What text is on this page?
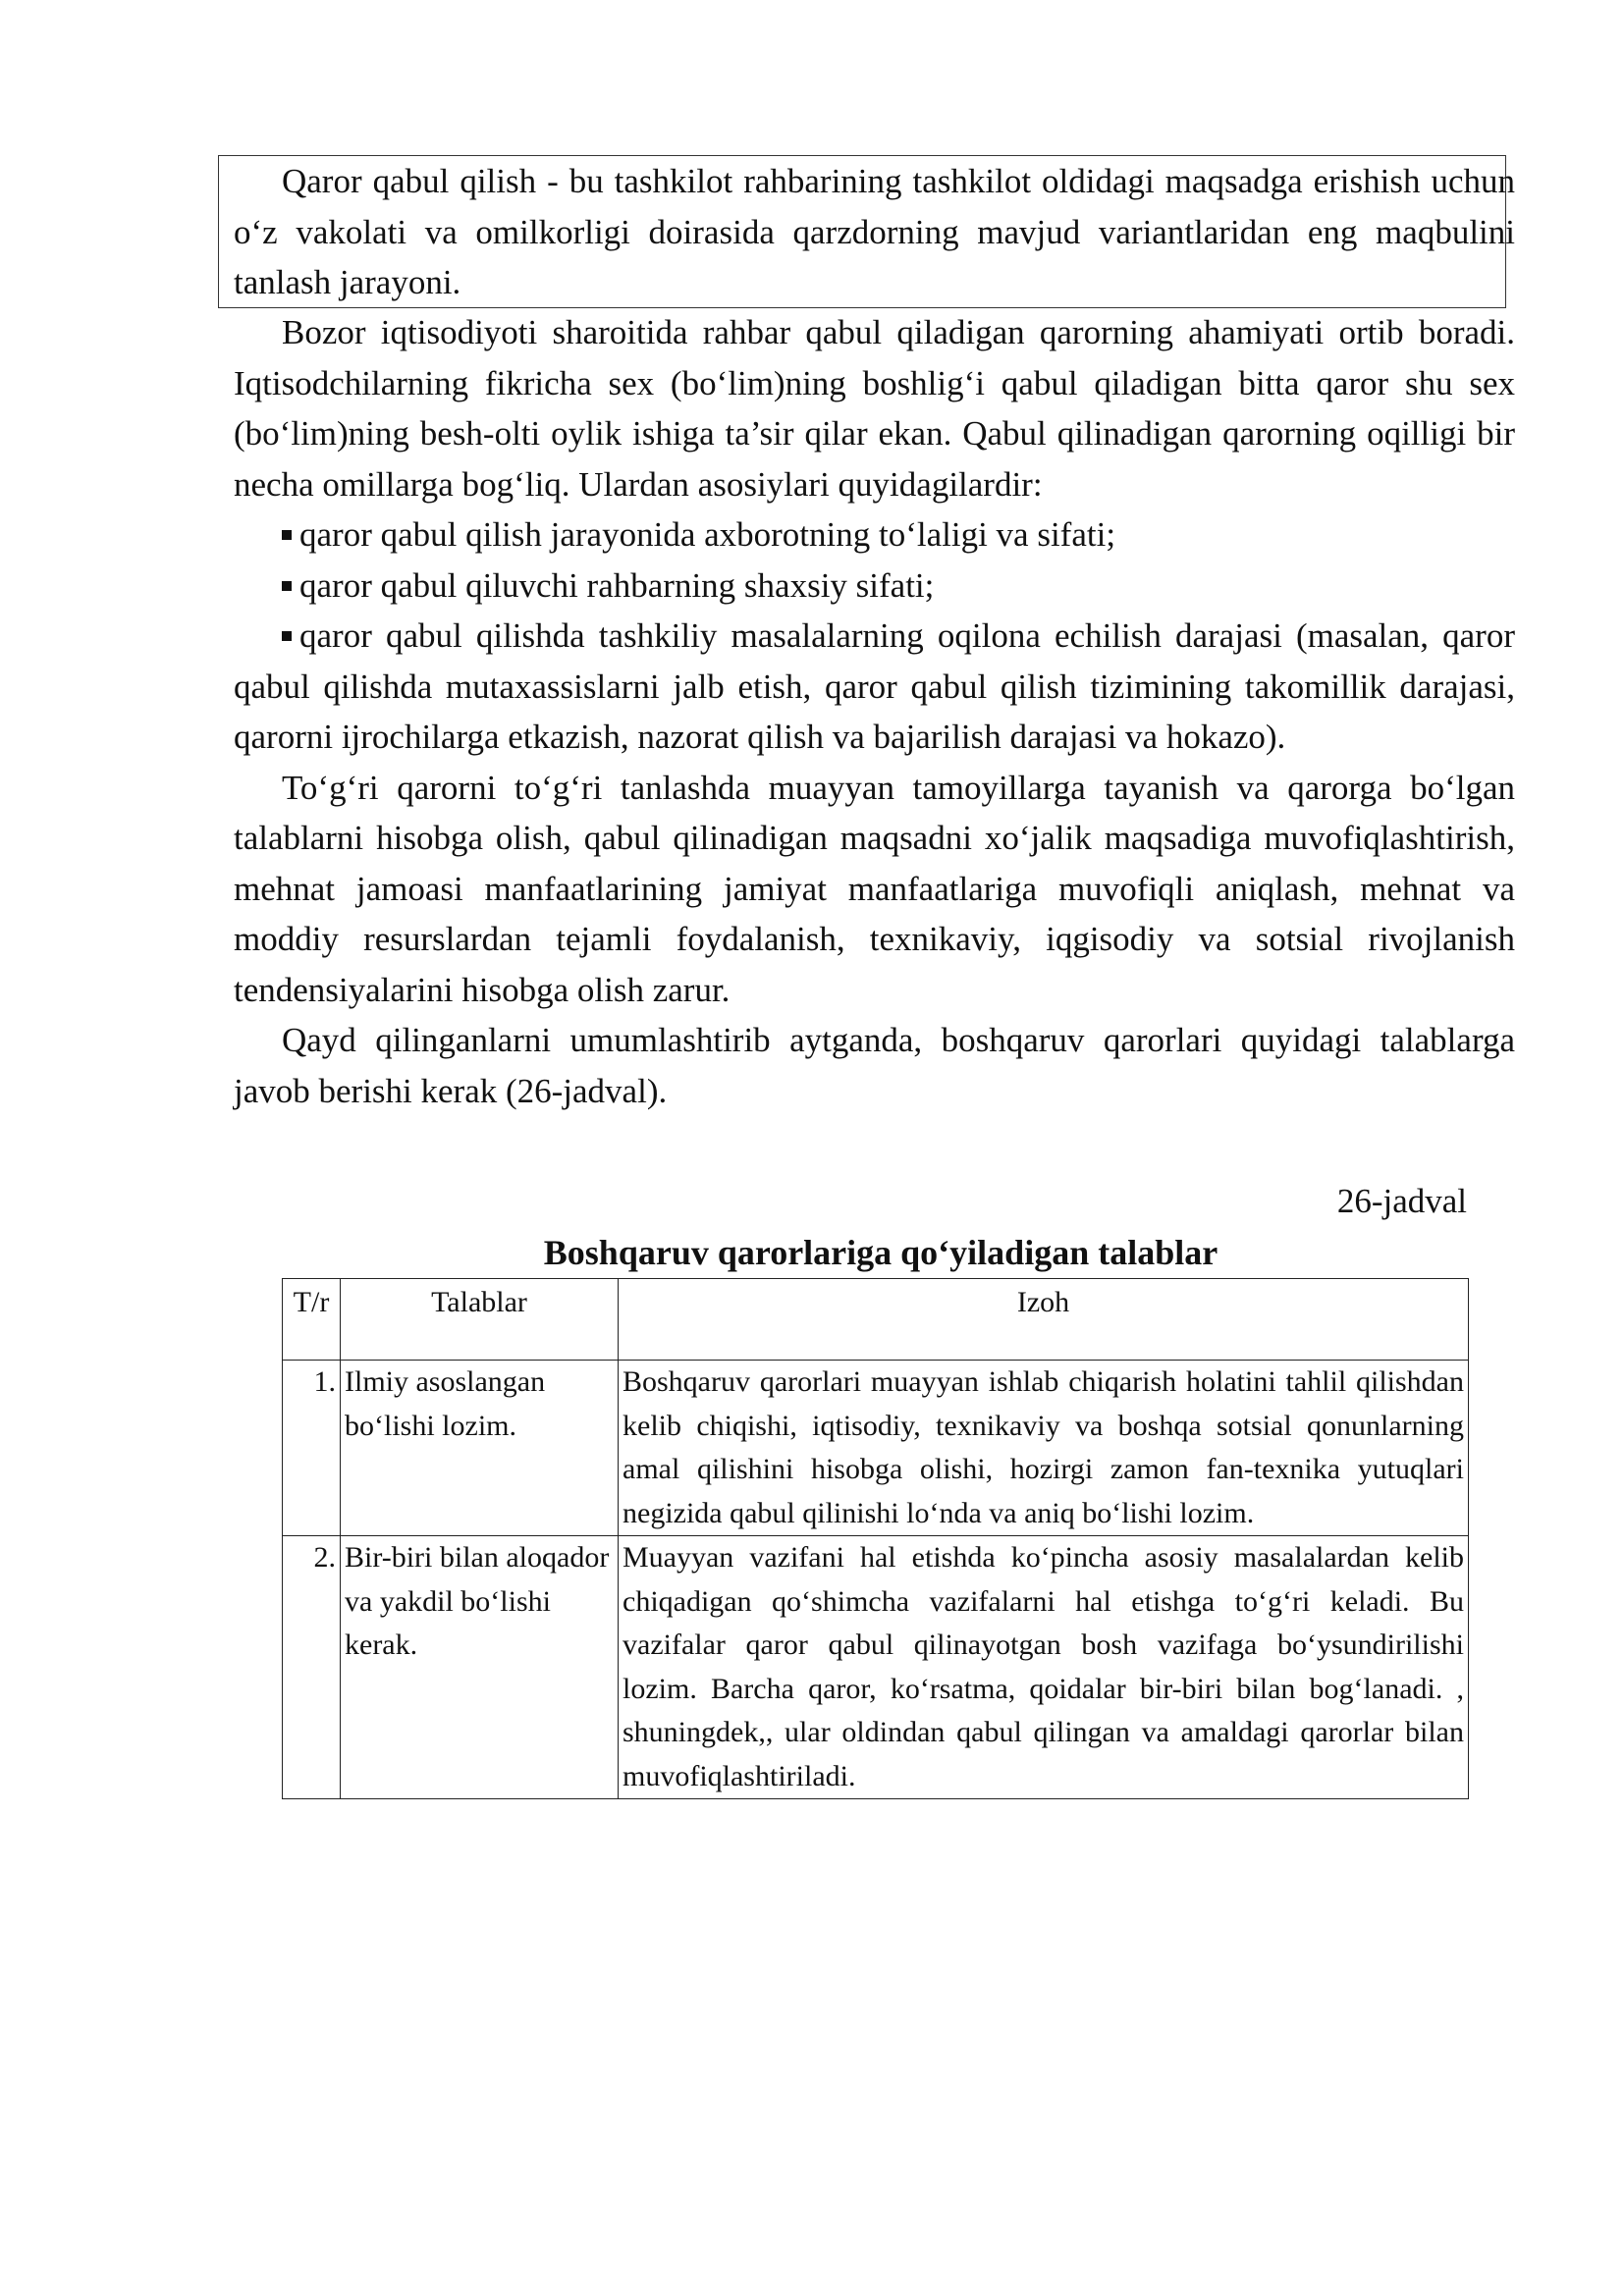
Qaror qabul qilish - bu tashkilot rahbarining tashkilot oldidagi maqsadga erishish uchun o‘z vakolati va omilkorligi doirasida qarzdorning mavjud variantlaridan eng maqbulini tanlash jarayoni.

Bozor iqtisodiyoti sharoitida rahbar qabul qiladigan qarorning ahamiyati ortib boradi. Iqtisodchilarning fikricha sex (bo‘lim)ning boshlig‘i qabul qiladigan bitta qaror shu sex (bo‘lim)ning besh-olti oylik ishiga ta’sir qilar ekan. Qabul qilinadigan qarorning oqilligi bir necha omillarga bog‘liq. Ulardan asosiylari quyidagilardir:

qaror qabul qilish jarayonida axborotning to‘laligi va sifati;

qaror qabul qiluvchi rahbarning shaxsiy sifati;

qaror qabul qilishda tashkiliy masalalarning oqilona echilish darajasi (masalan, qaror qabul qilishda mutaxassislarni jalb etish, qaror qabul qilish tizimining takomillik darajasi, qarorni ijrochilarga etkazish, nazorat qilish va bajarilish darajasi va hokazo).

To‘g‘ri qarorni to‘g‘ri tanlashda muayyan tamoyillarga tayanish va qarorga bo‘lgan talablarni hisobga olish, qabul qilinadigan maqsadni xo‘jalik maqsadiga muvofiqlashtirish, mehnat jamoasi manfaatlarining jamiyat manfaatlariga muvofiqli aniqlash, mehnat va moddiy resurslardan tejamli foydalanish, texnikaviy, iqgisodiy va sotsial rivojlanish tendensiyalarini hisobga olish zarur.

Qayd qilinganlarni umumlashtirib aytganda, boshqaruv qarorlari quyidagi talablarga javob berishi kerak (26-jadval).

26-jadval
Boshqaruv qarorlariga qo‘yiladigan talablar
T/r	Talablar	Izoh
1.	Ilmiy asoslangan bo‘lishi lozim.	Boshqaruv qarorlari muayyan ishlab chiqarish holatini tahlil qilishdan kelib chiqishi, iqtisodiy, texnikaviy va boshqa sotsial qonunlarning amal qilishini hisobga olishi, hozirgi zamon fan-texnika yutuqlari negizida qabul qilinishi lo‘nda va aniq bo‘lishi lozim.
2.	Bir-biri bilan aloqador va yakdil bo‘lishi kerak.	Muayyan vazifani hal etishda ko‘pincha asosiy masalalardan kelib chiqadigan qo‘shimcha vazifalarni hal etishga to‘g‘ri keladi. Bu vazifalar qaror qabul qilinayotgan bosh vazifaga bo‘ysundirilishi lozim. Barcha qaror, ko‘rsatma, qoidalar bir-biri bilan bog‘lanadi. , shuningdek,, ular oldindan qabul qilingan va amaldagi qarorlar bilan muvofiqlashtiriladi.
